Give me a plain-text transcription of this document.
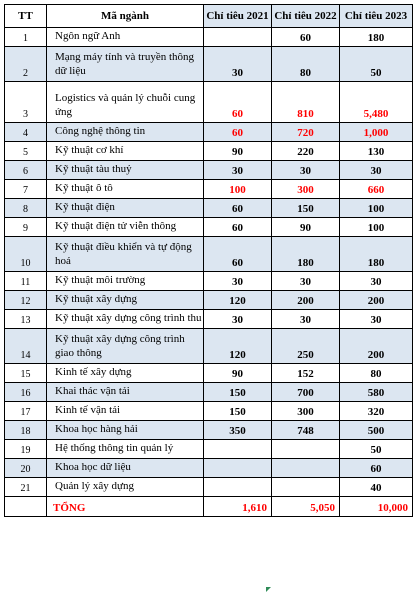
TT	Mã ngành	Chỉ tiêu 2021	Chỉ tiêu 2022	Chỉ tiêu 2023
1	Ngôn ngữ Anh		60	180
2	Mạng máy tính và truyền thông dữ liệu	30	80	50
3	Logistics và quản lý chuỗi cung ứng	60	810	5,480
4	Công nghệ thông tin	60	720	1,000
5	Kỹ thuật cơ khí	90	220	130
6	Kỹ thuật tàu thuỷ	30	30	30
7	Kỹ thuật ô tô	100	300	660
8	Kỹ thuật điện	60	150	100
9	Kỹ thuật điện tử viễn thông	60	90	100
10	Kỹ thuật điều khiển và tự động hoá	60	180	180
11	Kỹ thuật môi trường	30	30	30
12	Kỹ thuật xây dựng	120	200	200
13	Kỹ thuật xây dựng công trình thu	30	30	30
14	Kỹ thuật xây dựng công trình giao thông	120	250	200
15	Kinh tế xây dựng	90	152	80
16	Khai thác vận tải	150	700	580
17	Kinh tế vận tải	150	300	320
18	Khoa học hàng hải	350	748	500
19	Hệ thống thông tin quản lý			50
20	Khoa học dữ liệu			60
21	Quản lý xây dựng			40
	TỔNG	1,610	5,050	10,000
